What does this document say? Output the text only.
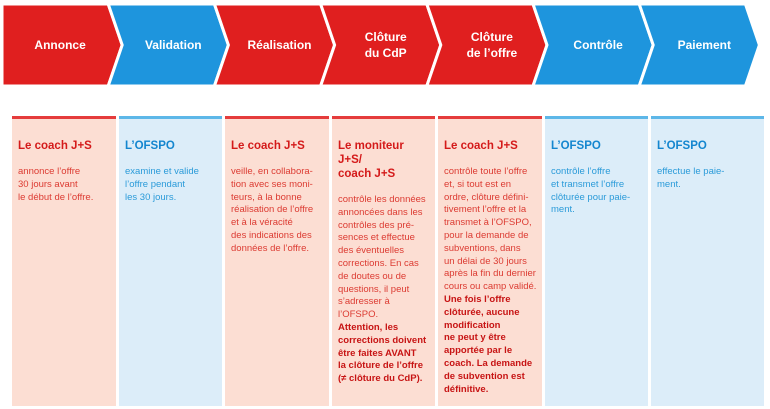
Annonce	Validation	Réalisation
Clôture du CdP
Clôture de l’offre
Contrôle	Paiement
Le coach J+S
annonce l’offre
30 jours avant
le début de l’offre.
L’OFSPO
examine et valide
l’offre pendant
les 30 jours.
Le coach J+S
veille, en collabora-
tion avec ses moni-
teurs, à la bonne
réalisation de l’offre
et à la véracité
des indications des
données de l’offre.
Le moniteur J+S/
coach J+S
contrôle les données
annoncées dans les
contrôles des pré-
sences et effectue
des éventuelles
corrections. En cas
de doutes ou de
questions, il peut
s’adresser à l’OFSPO.
Attention, les
corrections doivent
être faites AVANT
la clôture de l’offre
(≠ clôture du CdP).
Le coach J+S
contrôle toute l’offre
et, si tout est en
ordre, clôture défini-
tivement l’offre et la
transmet à l’OFSPO,
pour la demande de
subventions, dans
un délai de 30 jours
après la fin du dernier
cours ou camp validé.
Une fois l’offre
clôturée, aucune
modification
ne peut y être
apportée par le
coach. La demande
de subvention est
définitive.
L’OFSPO
contrôle l’offre
et transmet l’offre
clôturée pour paie-
ment.
L’OFSPO
effectue le paie-
ment.
